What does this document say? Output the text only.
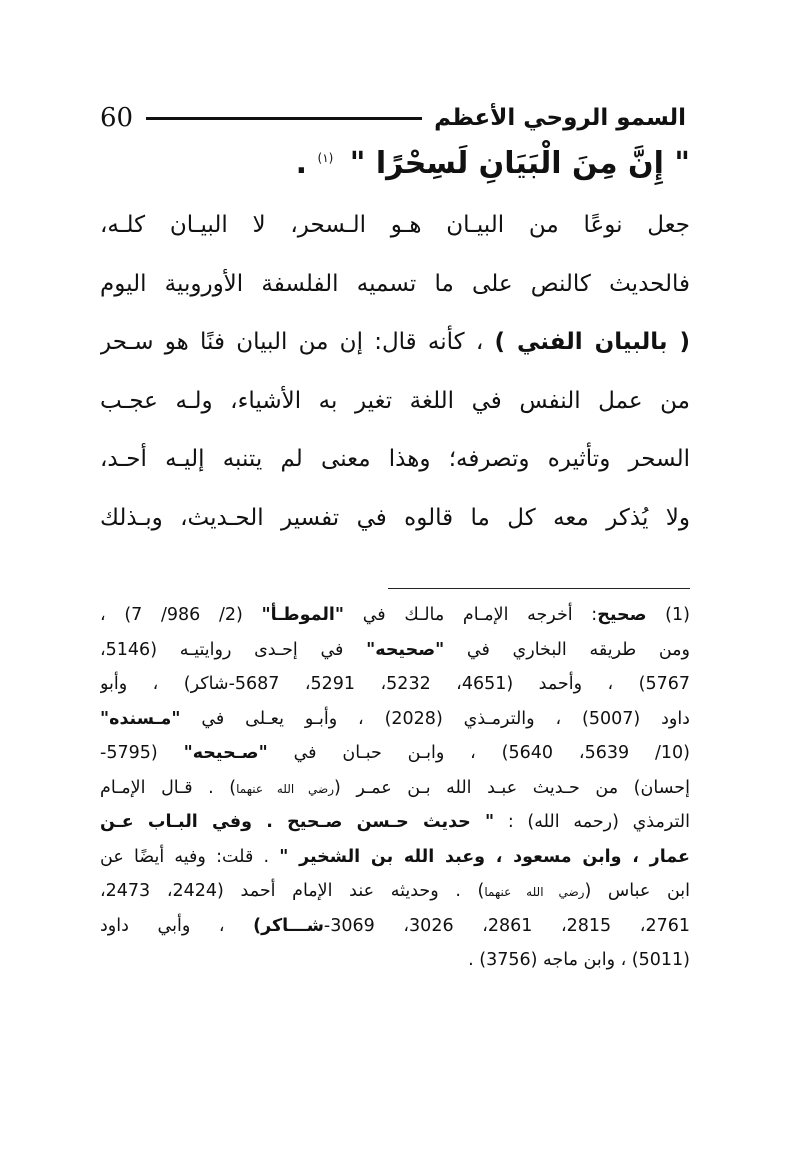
60	السمو الروحي الأعظم
" إِنَّ مِنَ الْبَيَانِ لَسِحْرًا " $^{(١)}$ .
جعل نوعًا من البيـان هـو الـسحر، لا البيـان كلـه،
فالحديث كالنص على ما تسميه الفلسفة الأوروبية اليوم
( بالبيان الفني ) ، كأنه قال: إن من البيان فنًا هو سـحر
من عمل النفس في اللغة تغير به الأشياء، ولـه عجـب
السحر وتأثيره وتصرفه؛ وهذا معنى لم يتنبه إليـه أحـد،
ولا يُذكر معه كل ما قالوه في تفسير الحـديث، وبـذلك
(1) صحيح: أخرجه الإمـام مالـك في "الموطـأ" (2/ 986/ 7) ،
ومن طريقه البخاري في "صحيحه" في إحـدى روايتيـه (5146،
5767) ، وأحمد (4651، 5232، 5291، 5687-شاكر) ، وأبو
داود (5007) ، والترمـذي (2028) ، وأبـو يعـلى في "مـسنده"
(10/ 5639، 5640) ، وابـن حبـان في "صـحيحه" (5795-
إحسان) من حـديث عبـد الله بـن عمـر (رضي الله عنهما) . قـال الإمـام
الترمذي (رحمه الله) : " حديث حـسن صـحيح . وفي البـاب عـن
عمار ، وابن مسعود ، وعبد الله بن الشخير " . قلت: وفيه أيضًا عن
ابن عباس (رضي الله عنهما) . وحديثه عند الإمام أحمد (2424، 2473،
2761، 2815، 2861، 3026، 3069-شـــاكر) ، وأبي داود
(5011) ، وابن ماجه (3756) .
